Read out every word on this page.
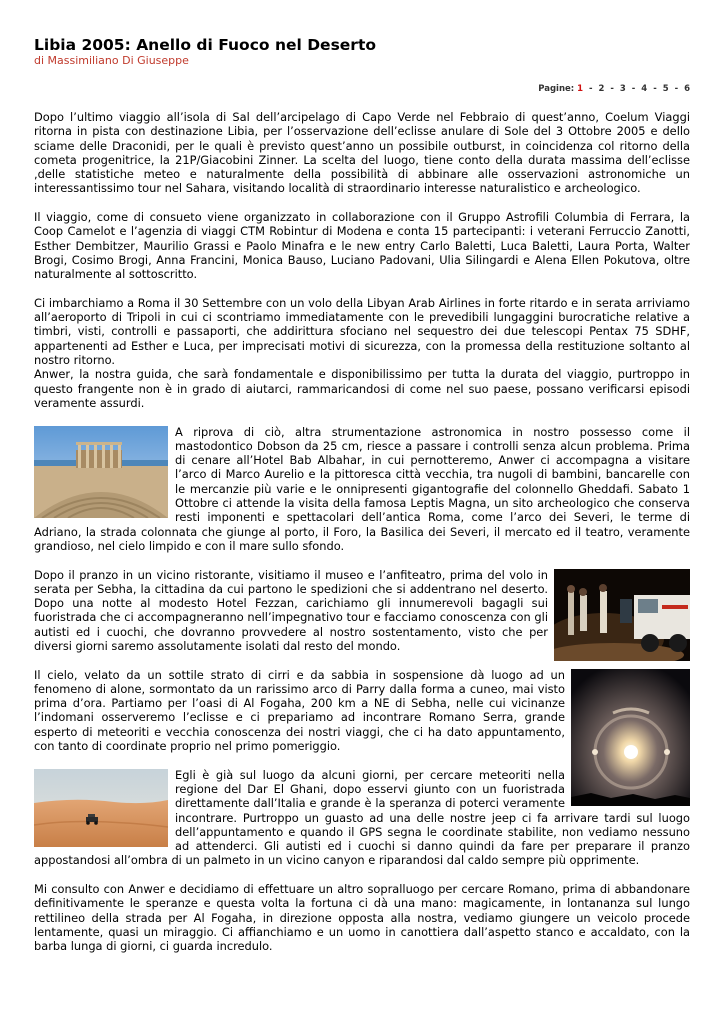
Libia 2005: Anello di Fuoco nel Deserto
di Massimiliano Di Giuseppe
Pagine: 1 - 2 - 3 - 4 - 5 - 6

Dopo l’ultimo viaggio all’isola di Sal dell’arcipelago di Capo Verde nel Febbraio di quest’anno, Coelum Viaggi ritorna in pista con destinazione Libia, per l’osservazione dell’eclisse anulare di Sole del 3 Ottobre 2005 e dello sciame delle Draconidi, per le quali è previsto quest’anno un possibile outburst, in coincidenza col ritorno della cometa progenitrice, la 21P/Giacobini Zinner. La scelta del luogo, tiene conto della durata massima dell’eclisse ,delle statistiche meteo e naturalmente della possibilità di abbinare alle osservazioni astronomiche un interessantissimo tour nel Sahara, visitando località di straordinario interesse naturalistico e archeologico.

Il viaggio, come di consueto viene organizzato in collaborazione con il Gruppo Astrofili Columbia di Ferrara, la Coop Camelot e l’agenzia di viaggi CTM Robintur di Modena e conta 15 partecipanti: i veterani Ferruccio Zanotti, Esther Dembitzer, Maurilio Grassi e Paolo Minafra e le new entry Carlo Baletti, Luca Baletti, Laura Porta, Walter Brogi, Cosimo Brogi, Anna Francini, Monica Bauso, Luciano Padovani, Ulia Silingardi e Alena Ellen Pokutova, oltre naturalmente al sottoscritto.

Ci imbarchiamo a Roma il 30 Settembre con un volo della Libyan Arab Airlines in forte ritardo e in serata arriviamo all’aeroporto di Tripoli in cui ci scontriamo immediatamente con le prevedibili lungaggini burocratiche relative a timbri, visti, controlli e passaporti, che addirittura sfociano nel sequestro dei due telescopi Pentax 75 SDHF, appartenenti ad Esther e Luca, per imprecisati motivi di sicurezza, con la promessa della restituzione soltanto al nostro ritorno.
Anwer, la nostra guida, che sarà fondamentale e disponibilissimo per tutta la durata del viaggio, purtroppo in questo frangente non è in grado di aiutarci, rammaricandosi di come nel suo paese, possano verificarsi episodi veramente assurdi.

A riprova di ciò, altra strumentazione astronomica in nostro possesso come il mastodontico Dobson da 25 cm, riesce a passare i controlli senza alcun problema. Prima di cenare all’Hotel Bab Albahar, in cui pernotteremo, Anwer ci accompagna a visitare l’arco di Marco Aurelio e la pittoresca città vecchia, tra nugoli di bambini, bancarelle con le mercanzie più varie e le onnipresenti gigantografie del colonnello Gheddafi. Sabato 1 Ottobre ci attende la visita della famosa Leptis Magna, un sito archeologico che conserva resti imponenti e spettacolari dell’antica Roma, come l’arco dei Severi, le terme di Adriano, la strada colonnata che giunge al porto, il Foro, la Basilica dei Severi, il mercato ed il teatro, veramente grandioso, nel cielo limpido e con il mare sullo sfondo.

Dopo il pranzo in un vicino ristorante, visitiamo il museo e l’anfiteatro, prima del volo in serata per Sebha, la cittadina da cui partono le spedizioni che si addentrano nel deserto. Dopo una notte al modesto Hotel Fezzan, carichiamo gli innumerevoli bagagli sui fuoristrada che ci accompagneranno nell’impegnativo tour e facciamo conoscenza con gli autisti ed i cuochi, che dovranno provvedere al nostro sostentamento, visto che per diversi giorni saremo assolutamente isolati dal resto del mondo.

Il cielo, velato da un sottile strato di cirri e da sabbia in sospensione dà luogo ad un fenomeno di alone, sormontato da un rarissimo arco di Parry dalla forma a cuneo, mai visto prima d’ora. Partiamo per l’oasi di Al Fogaha, 200 km a NE di Sebha, nelle cui vicinanze l’indomani osserveremo l’eclisse e ci prepariamo ad incontrare Romano Serra, grande esperto di meteoriti e vecchia conoscenza dei nostri viaggi, che ci ha dato appuntamento, con tanto di coordinate proprio nel primo pomeriggio.

Egli è già sul luogo da alcuni giorni, per cercare meteoriti nella regione del Dar El Ghani, dopo esservi giunto con un fuoristrada direttamente dall’Italia e grande è la speranza di poterci veramente incontrare. Purtroppo un guasto ad una delle nostre jeep ci fa arrivare tardi sul luogo dell’appuntamento e quando il GPS segna le coordinate stabilite, non vediamo nessuno ad attenderci. Gli autisti ed i cuochi si danno quindi da fare per preparare il pranzo appostandosi all’ombra di un palmeto in un vicino canyon e riparandosi dal caldo sempre più opprimente.

Mi consulto con Anwer e decidiamo di effettuare un altro sopralluogo per cercare Romano, prima di abbandonare definitivamente le speranze e questa volta la fortuna ci dà una mano: magicamente, in lontananza sul lungo rettilineo della strada per Al Fogaha, in direzione opposta alla nostra, vediamo giungere un veicolo procede lentamente, quasi un miraggio. Ci affianchiamo e un uomo in canottiera dall’aspetto stanco e accaldato, con la barba lunga di giorni, ci guarda incredulo.
